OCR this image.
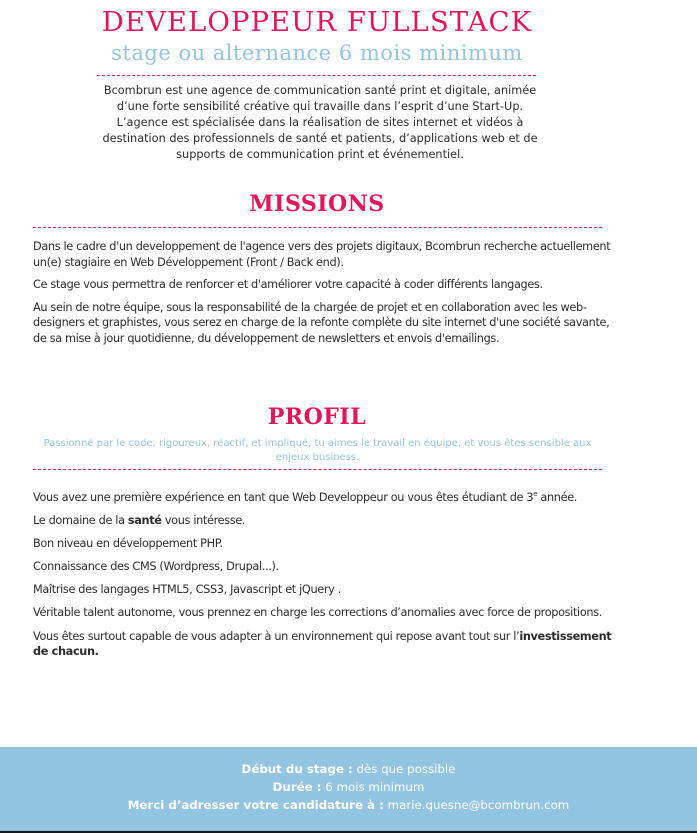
DEVELOPPEUR FULLSTACK
stage ou alternance 6 mois minimum
Bcombrun est une agence de communication santé print et digitale, animée d’une forte sensibilité créative qui travaille dans l’esprit d’une Start-Up.
L’agence est spécialisée dans la réalisation de sites internet et vidéos à destination des professionnels de santé et patients, d’applications web et de supports de communication print et événementiel.
MISSIONS

Dans le cadre d'un developpement de l'agence vers des projets digitaux, Bcombrun recherche actuellement un(e) stagiaire en Web Développement (Front / Back end).

Ce stage vous permettra de renforcer et d'améliorer votre capacité à coder différents langages.

Au sein de notre équipe, sous la responsabilité de la chargée de projet et en collaboration avec les web-designers et graphistes, vous serez en charge de la refonte complète du site internet d'une société savante, de sa mise à jour quotidienne, du développement de newsletters et envois d'emailings.

PROFIL
Passionné par le code, rigoureux, réactif, et impliqué, tu aimes le travail en équipe, et vous êtes sensible aux enjeux business.

Vous avez une première expérience en tant que Web Developpeur ou vous êtes étudiant de 3e année.

Le domaine de la santé vous intéresse.

Bon niveau en développement PHP.

Connaissance des CMS (Wordpress, Drupal...).

Maîtrise des langages HTML5, CSS3, Javascript et jQuery .

Véritable talent autonome, vous prennez en charge les corrections d’anomalies avec force de propositions.

Vous êtes surtout capable de vous adapter à un environnement qui repose avant tout sur l’investissement de chacun.

Début du stage : dès que possible
Durée : 6 mois minimum
Merci d’adresser votre candidature à : marie.quesne@bcombrun.com
